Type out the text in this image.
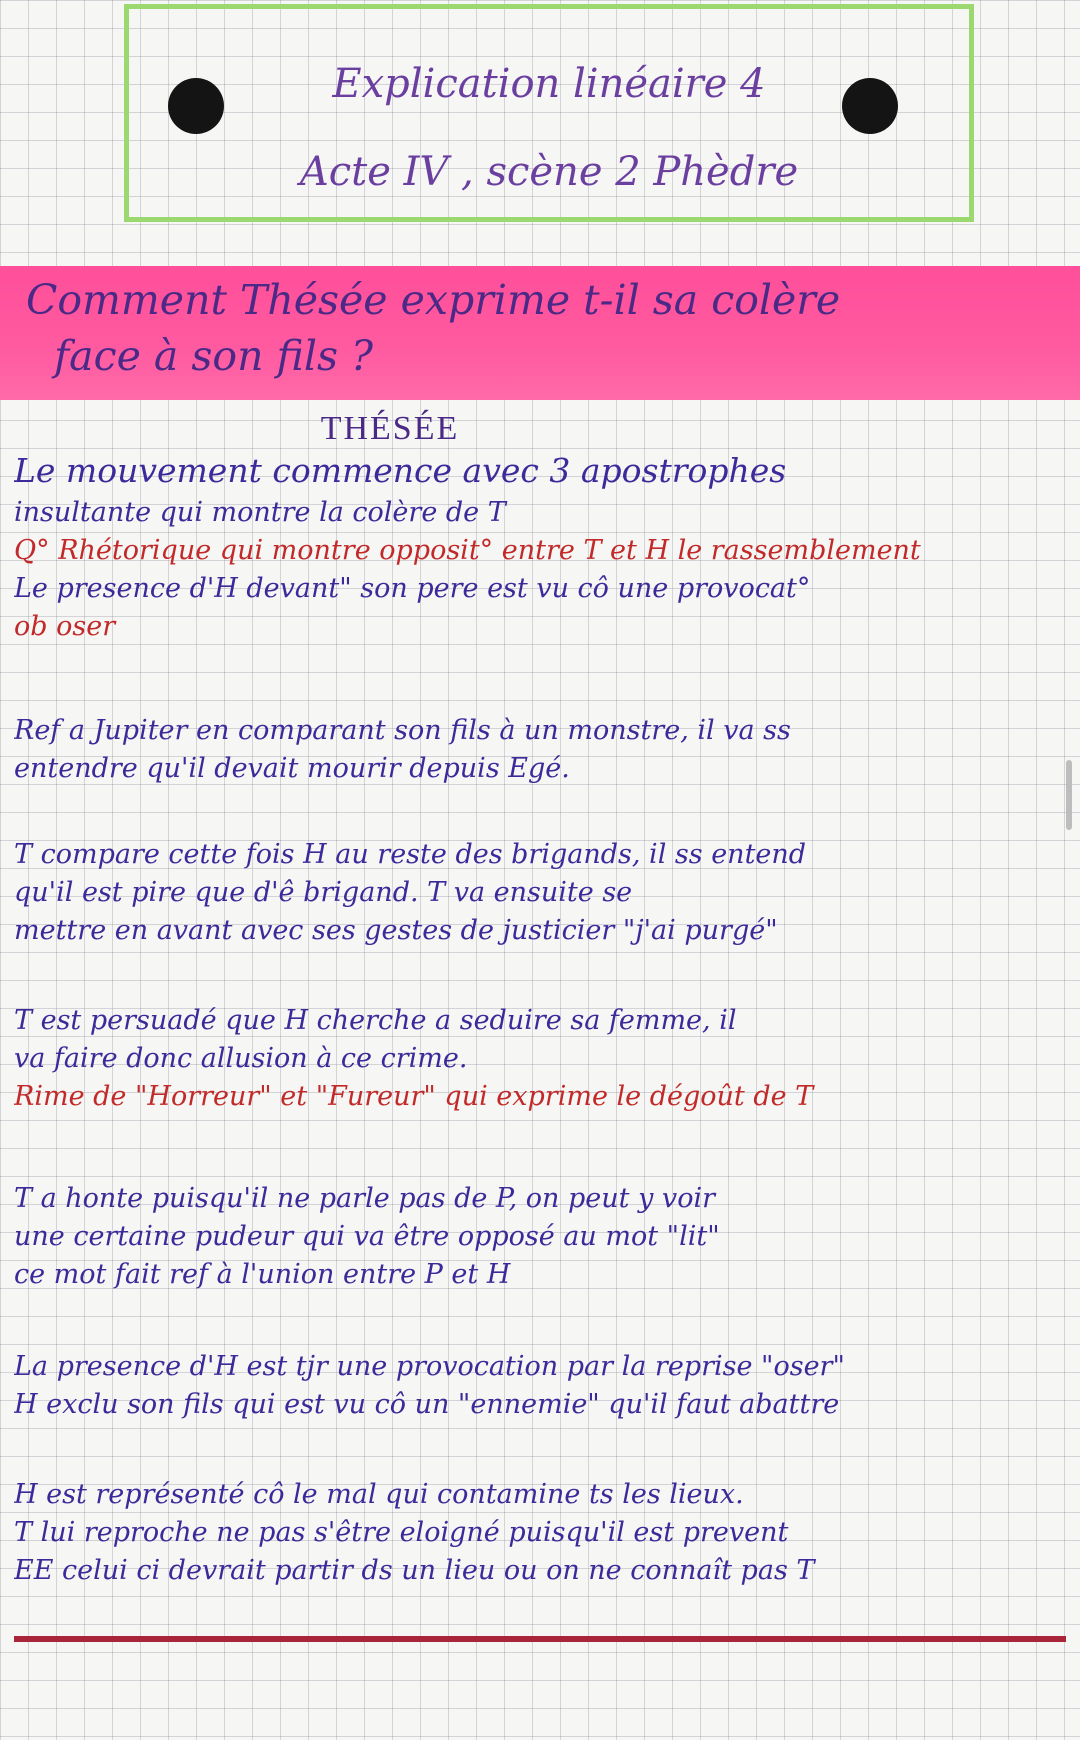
Explication linéaire 4
Acte IV , scène 2 Phèdre
Comment Thésée exprime t-il sa colère
face à son fils ?
THÉSÉE
Le mouvement commence avec 3 apostrophes
insultante qui montre la colère de T
Q° Rhétorique qui montre opposit° entre T et H le rassemblement
Le presence d'H devant" son pere est vu cô une provocat°
ob oser
Ref a Jupiter en comparant son fils à un monstre, il va ss
entendre qu'il devait mourir depuis Egé.
T compare cette fois H au reste des brigands, il ss entend
qu'il est pire que d'ê brigand. T va ensuite se
mettre en avant avec ses gestes de justicier "j'ai purgé"
T est persuadé que H cherche a seduire sa femme, il
va faire donc allusion à ce crime.
Rime de "Horreur" et "Fureur" qui exprime le dégoût de T
T a honte puisqu'il ne parle pas de P, on peut y voir
une certaine pudeur qui va être opposé au mot "lit"
ce mot fait ref à l'union entre P et H
La presence d'H est tjr une provocation par la reprise "oser"
H exclu son fils qui est vu cô un "ennemie" qu'il faut abattre
H est représenté cô le mal qui contamine ts les lieux.
T lui reproche ne pas s'être eloigné puisqu'il est prevent
EE celui ci devrait partir ds un lieu ou on ne connaît pas T
